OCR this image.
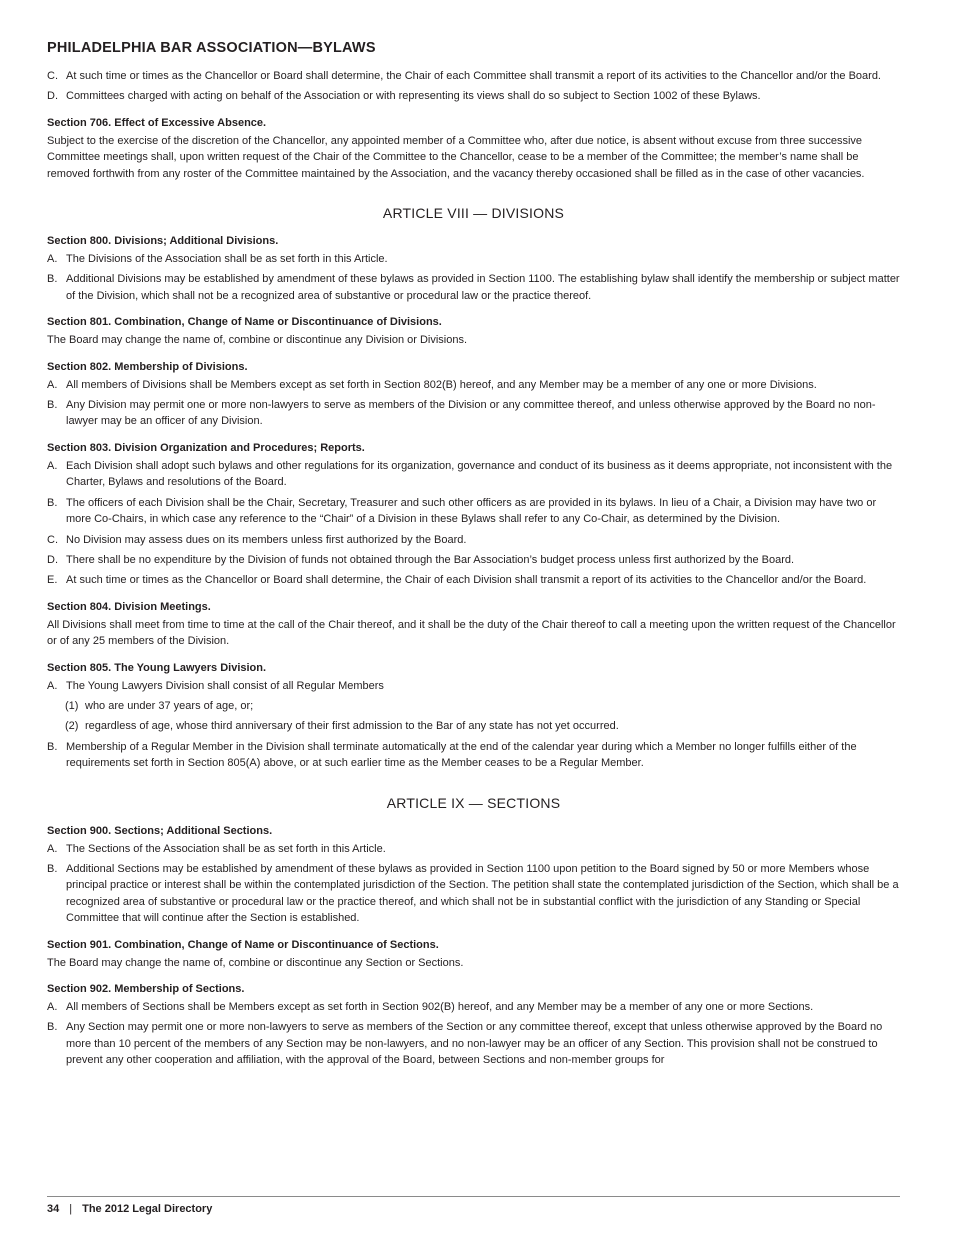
PHILADELPHIA BAR ASSOCIATION—BYLAWS
C. At such time or times as the Chancellor or Board shall determine, the Chair of each Committee shall transmit a report of its activities to the Chancellor and/or the Board.
D. Committees charged with acting on behalf of the Association or with representing its views shall do so subject to Section 1002 of these Bylaws.
Section 706. Effect of Excessive Absence.
Subject to the exercise of the discretion of the Chancellor, any appointed member of a Committee who, after due notice, is absent without excuse from three successive Committee meetings shall, upon written request of the Chair of the Committee to the Chancellor, cease to be a member of the Committee; the member’s name shall be removed forthwith from any roster of the Committee maintained by the Association, and the vacancy thereby occasioned shall be filled as in the case of other vacancies.
ARTICLE VIII — DIVISIONS
Section 800. Divisions; Additional Divisions.
A. The Divisions of the Association shall be as set forth in this Article.
B. Additional Divisions may be established by amendment of these bylaws as provided in Section 1100. The establishing bylaw shall identify the membership or subject matter of the Division, which shall not be a recognized area of substantive or procedural law or the practice thereof.
Section 801. Combination, Change of Name or Discontinuance of Divisions.
The Board may change the name of, combine or discontinue any Division or Divisions.
Section 802. Membership of Divisions.
A. All members of Divisions shall be Members except as set forth in Section 802(B) hereof, and any Member may be a member of any one or more Divisions.
B. Any Division may permit one or more non-lawyers to serve as members of the Division or any committee thereof, and unless otherwise approved by the Board no non-lawyer may be an officer of any Division.
Section 803. Division Organization and Procedures; Reports.
A. Each Division shall adopt such bylaws and other regulations for its organization, governance and conduct of its business as it deems appropriate, not inconsistent with the Charter, Bylaws and resolutions of the Board.
B. The officers of each Division shall be the Chair, Secretary, Treasurer and such other officers as are provided in its bylaws. In lieu of a Chair, a Division may have two or more Co-Chairs, in which case any reference to the “Chair” of a Division in these Bylaws shall refer to any Co-Chair, as determined by the Division.
C. No Division may assess dues on its members unless first authorized by the Board.
D. There shall be no expenditure by the Division of funds not obtained through the Bar Association’s budget process unless first authorized by the Board.
E. At such time or times as the Chancellor or Board shall determine, the Chair of each Division shall transmit a report of its activities to the Chancellor and/or the Board.
Section 804. Division Meetings.
All Divisions shall meet from time to time at the call of the Chair thereof, and it shall be the duty of the Chair thereof to call a meeting upon the written request of the Chancellor or of any 25 members of the Division.
Section 805. The Young Lawyers Division.
A. The Young Lawyers Division shall consist of all Regular Members
(1) who are under 37 years of age, or;
(2) regardless of age, whose third anniversary of their first admission to the Bar of any state has not yet occurred.
B. Membership of a Regular Member in the Division shall terminate automatically at the end of the calendar year during which a Member no longer fulfills either of the requirements set forth in Section 805(A) above, or at such earlier time as the Member ceases to be a Regular Member.
ARTICLE IX — SECTIONS
Section 900. Sections; Additional Sections.
A. The Sections of the Association shall be as set forth in this Article.
B. Additional Sections may be established by amendment of these bylaws as provided in Section 1100 upon petition to the Board signed by 50 or more Members whose principal practice or interest shall be within the contemplated jurisdiction of the Section. The petition shall state the contemplated jurisdiction of the Section, which shall be a recognized area of substantive or procedural law or the practice thereof, and which shall not be in substantial conflict with the jurisdiction of any Standing or Special Committee that will continue after the Section is established.
Section 901. Combination, Change of Name or Discontinuance of Sections.
The Board may change the name of, combine or discontinue any Section or Sections.
Section 902. Membership of Sections.
A. All members of Sections shall be Members except as set forth in Section 902(B) hereof, and any Member may be a member of any one or more Sections.
B. Any Section may permit one or more non-lawyers to serve as members of the Section or any committee thereof, except that unless otherwise approved by the Board no more than 10 percent of the members of any Section may be non-lawyers, and no non-lawyer may be an officer of any Section. This provision shall not be construed to prevent any other cooperation and affiliation, with the approval of the Board, between Sections and non-member groups for
34 | The 2012 Legal Directory
